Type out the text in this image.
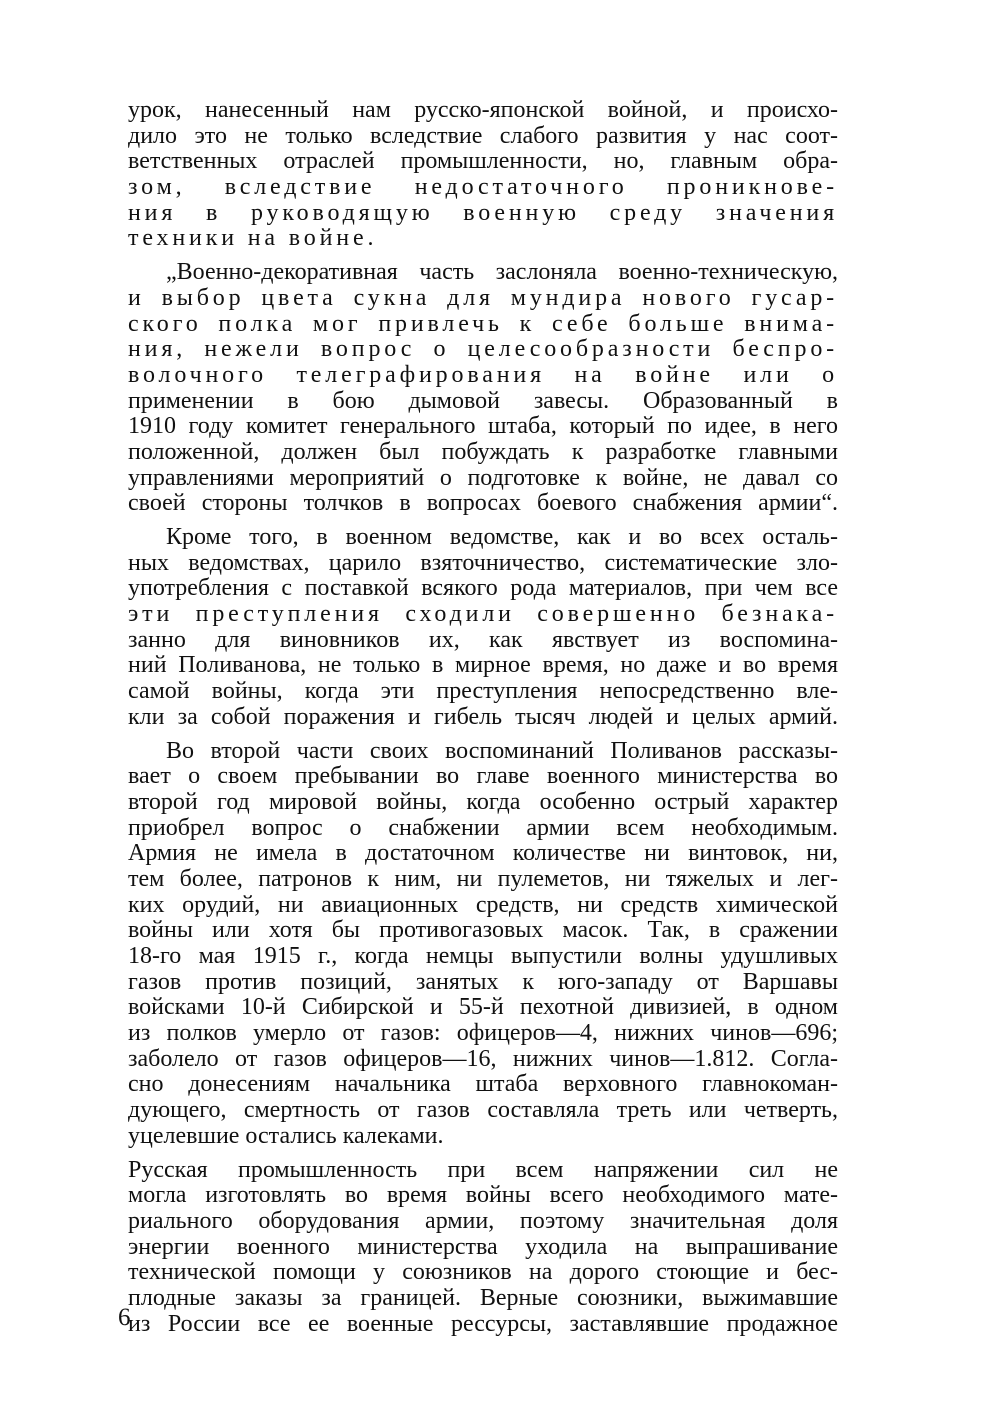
урок, нанесенный нам русско-японской войной, и происхо-
дило это не только вследствие слабого развития у нас соот-
ветственных отраслей промышленности, но, главным обра-
зом, вследствие недостаточного проникнове-
ния в руководящую военную среду значения
техники на войне.
„Военно-декоративная часть заслоняла военно-техническую,
и выбор цвета сукна для мундира нового гусар-
ского полка мог привлечь к себе больше внима-
ния, нежели вопрос о целесообразности беспро-
волочного телеграфирования на войне или о
применении в бою дымовой завесы. Образованный в
1910 году комитет генерального штаба, который по идее, в него
положенной, должен был побуждать к разработке главными
управлениями мероприятий о подготовке к войне, не давал со
своей стороны толчков в вопросах боевого снабжения армии“.
Кроме того, в военном ведомстве, как и во всех осталь-
ных ведомствах, царило взяточничество, систематические зло-
употребления с поставкой всякого рода материалов, при чем все
эти преступления сходили совершенно безнака-
занно для виновников их, как явствует из воспомина-
ний Поливанова, не только в мирное время, но даже и во время
самой войны, когда эти преступления непосредственно вле-
кли за собой поражения и гибель тысяч людей и целых армий.
Во второй части своих воспоминаний Поливанов рассказы-
вает о своем пребывании во главе военного министерства во
второй год мировой войны, когда особенно острый характер
приобрел вопрос о снабжении армии всем необходимым.
Армия не имела в достаточном количестве ни винтовок, ни,
тем более, патронов к ним, ни пулеметов, ни тяжелых и лег-
ких орудий, ни авиационных средств, ни средств химической
войны или хотя бы противогазовых масок. Так, в сражении
18-го мая 1915 г., когда немцы выпустили волны удушливых
газов против позиций, занятых к юго-западу от Варшавы
войсками 10-й Сибирской и 55-й пехотной дивизией, в одном
из полков умерло от газов: офицеров—4, нижних чинов—696;
заболело от газов офицеров—16, нижних чинов—1.812. Согла-
сно донесениям начальника штаба верховного главнокоман-
дующего, смертность от газов составляла треть или четверть,
уцелевшие остались калеками.
Русская промышленность при всем напряжении сил не
могла изготовлять во время войны всего необходимого мате-
риального оборудования армии, поэтому значительная доля
энергии военного министерства уходила на выпрашивание
технической помощи у союзников на дорого стоющие и бес-
плодные заказы за границей. Верные союзники, выжимавшие
из России все ее военные рессурсы, заставлявшие продажное
6
